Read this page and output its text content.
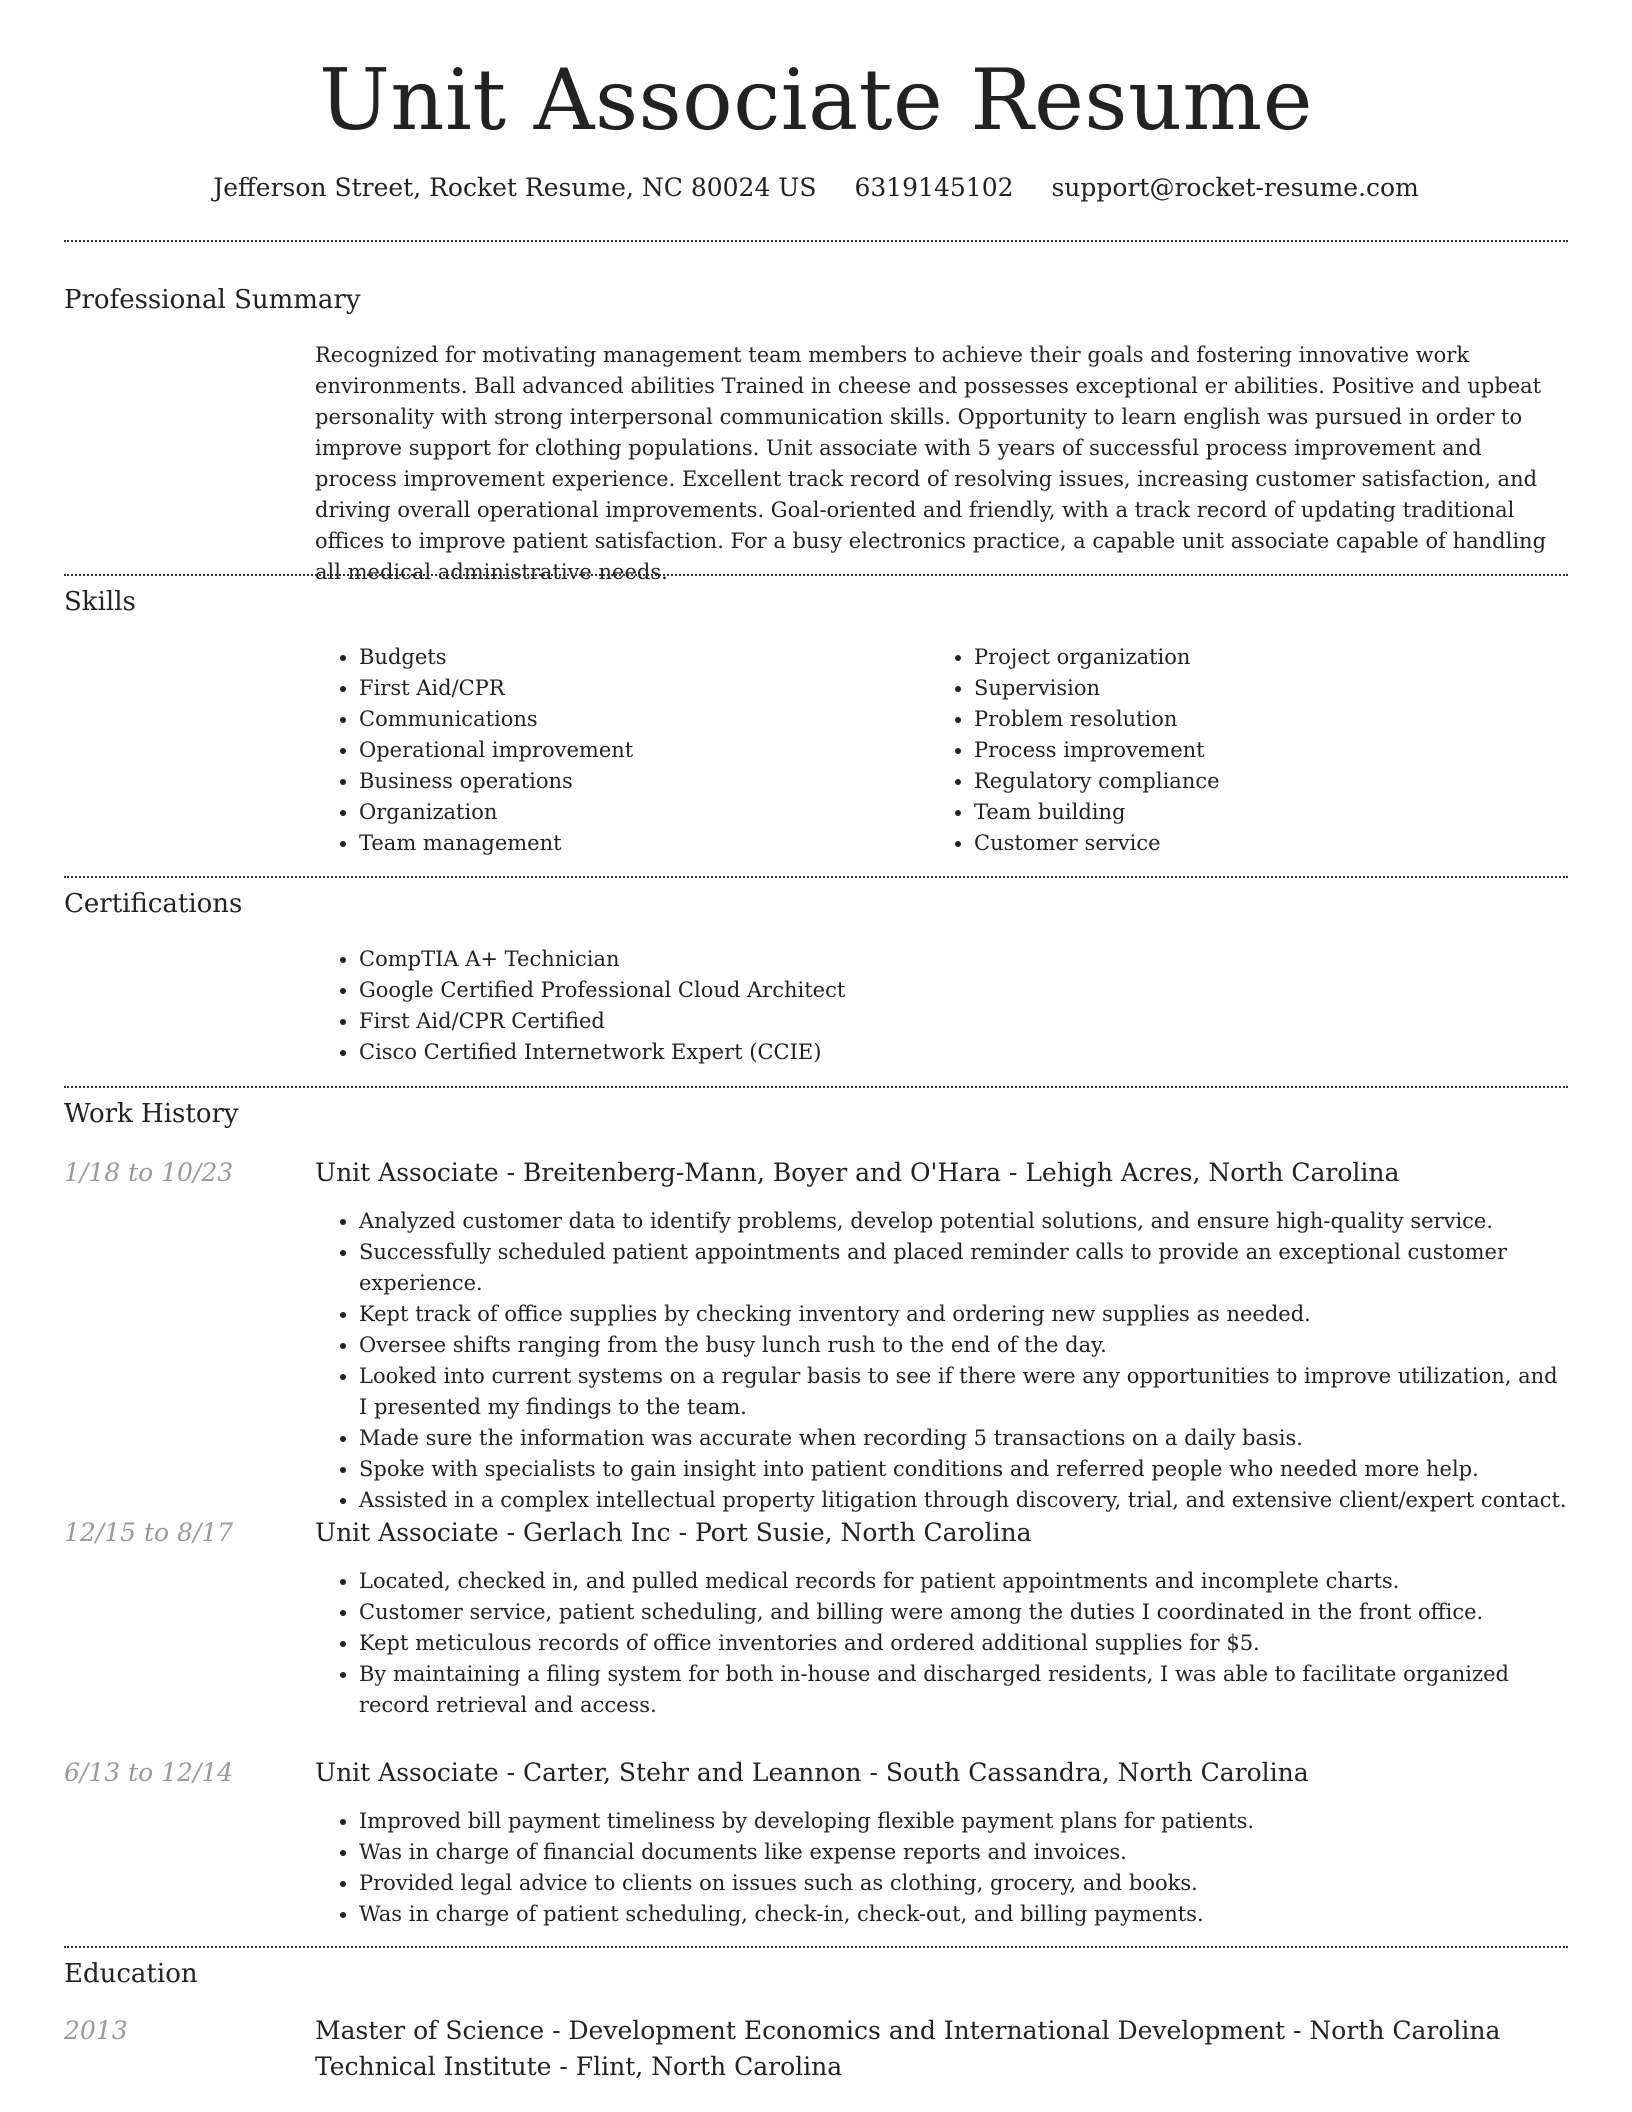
Unit Associate Resume
Jefferson Street, Rocket Resume, NC 80024 US 6319145102 support@rocket-resume.com
Professional Summary

Recognized for motivating management team members to achieve their goals and fostering innovative work environments. Ball advanced abilities Trained in cheese and possesses exceptional er abilities. Positive and upbeat personality with strong interpersonal communication skills. Opportunity to learn english was pursued in order to improve support for clothing populations. Unit associate with 5 years of successful process improvement and process improvement experience. Excellent track record of resolving issues, increasing customer satisfaction, and driving overall operational improvements. Goal-oriented and friendly, with a track record of updating traditional offices to improve patient satisfaction. For a busy electronics practice, a capable unit associate capable of handling all medical administrative needs.

Skills
• Budgets
• First Aid/CPR
• Communications
• Operational improvement
• Business operations
• Organization
• Team management
• Project organization
• Supervision
• Problem resolution
• Process improvement
• Regulatory compliance
• Team building
• Customer service
Certifications
• CompTIA A+ Technician
• Google Certified Professional Cloud Architect
• First Aid/CPR Certified
• Cisco Certified Internetwork Expert (CCIE)
Work History
1/18 to 10/23	Unit Associate - Breitenberg-Mann, Boyer and O'Hara - Lehigh Acres, North Carolina
• Analyzed customer data to identify problems, develop potential solutions, and ensure high-quality service.
• Successfully scheduled patient appointments and placed reminder calls to provide an exceptional customer experience.
• Kept track of office supplies by checking inventory and ordering new supplies as needed.
• Oversee shifts ranging from the busy lunch rush to the end of the day.
• Looked into current systems on a regular basis to see if there were any opportunities to improve utilization, and I presented my findings to the team.
• Made sure the information was accurate when recording 5 transactions on a daily basis.
• Spoke with specialists to gain insight into patient conditions and referred people who needed more help.
• Assisted in a complex intellectual property litigation through discovery, trial, and extensive client/expert contact.
12/15 to 8/17	Unit Associate - Gerlach Inc - Port Susie, North Carolina
• Located, checked in, and pulled medical records for patient appointments and incomplete charts.
• Customer service, patient scheduling, and billing were among the duties I coordinated in the front office.
• Kept meticulous records of office inventories and ordered additional supplies for $5.
• By maintaining a filing system for both in-house and discharged residents, I was able to facilitate organized record retrieval and access.
6/13 to 12/14	Unit Associate - Carter, Stehr and Leannon - South Cassandra, North Carolina
• Improved bill payment timeliness by developing flexible payment plans for patients.
• Was in charge of financial documents like expense reports and invoices.
• Provided legal advice to clients on issues such as clothing, grocery, and books.
• Was in charge of patient scheduling, check-in, check-out, and billing payments.
Education
2013	Master of Science - Development Economics and International Development - North Carolina Technical Institute - Flint, North Carolina
